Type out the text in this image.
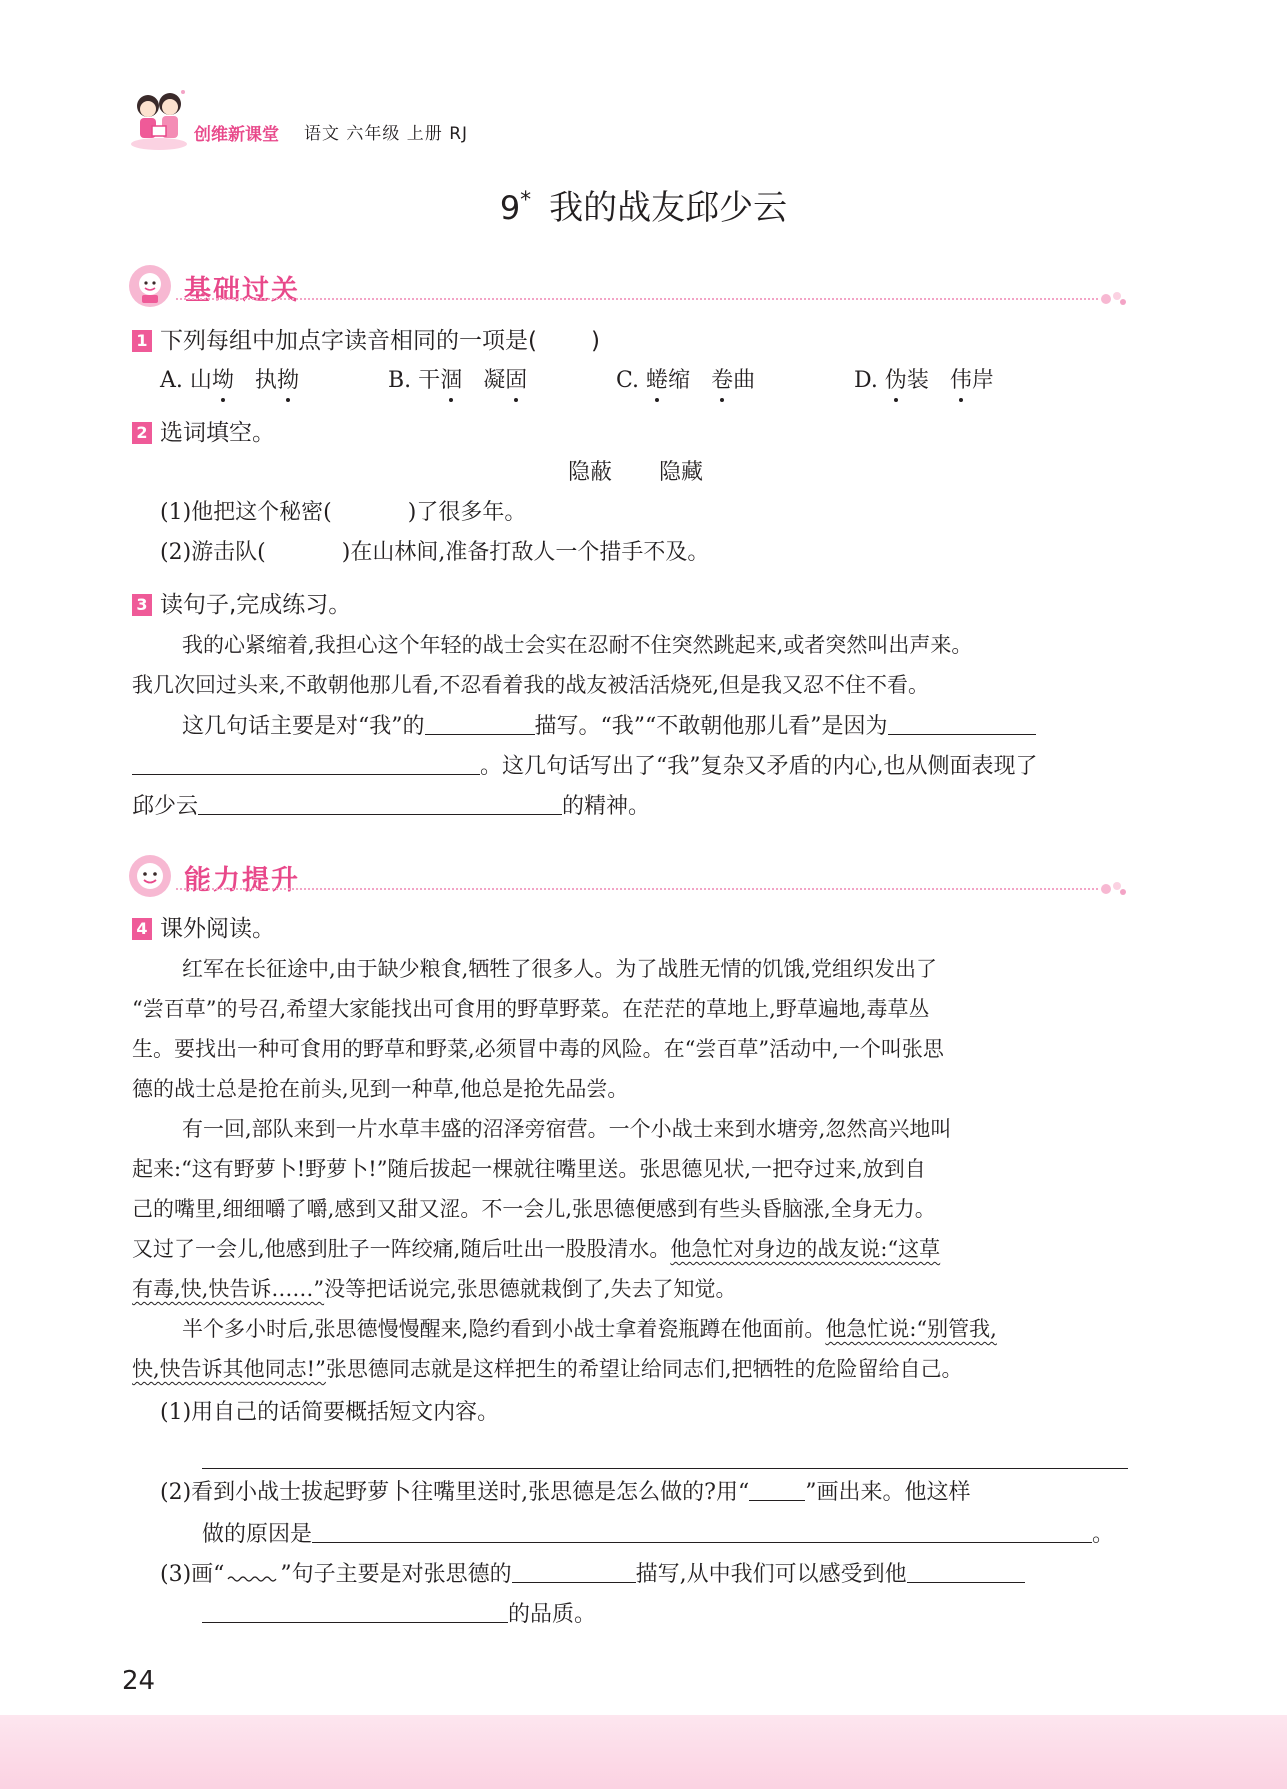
创维新课堂 语文 六年级 上册 RJ
9* 我的战友邱少云
基础过关
1 下列每组中加点字读音相同的一项是( )
A. 山坳 执拗	B. 干涸 凝固	C. 蜷缩 卷曲	D. 伪装 伟岸
2 选词填空。
隐蔽 隐藏
(1)他把这个秘密(	)了很多年。
(2)游击队(	)在山林间,准备打敌人一个措手不及。
3 读句子,完成练习。
我的心紧缩着,我担心这个年轻的战士会实在忍耐不住突然跳起来,或者突然叫出声来。
我几次回过头来,不敢朝他那儿看,不忍看着我的战友被活活烧死,但是我又忍不住不看。
这几句话主要是对“我”的	描写。“我”“不敢朝他那儿看”是因为
。这几句话写出了“我”复杂又矛盾的内心,也从侧面表现了
邱少云	的精神。
能力提升
4 课外阅读。
红军在长征途中,由于缺少粮食,牺牲了很多人。为了战胜无情的饥饿,党组织发出了
“尝百草”的号召,希望大家能找出可食用的野草野菜。在茫茫的草地上,野草遍地,毒草丛
生。要找出一种可食用的野草和野菜,必须冒中毒的风险。在“尝百草”活动中,一个叫张思
德的战士总是抢在前头,见到一种草,他总是抢先品尝。
有一回,部队来到一片水草丰盛的沼泽旁宿营。一个小战士来到水塘旁,忽然高兴地叫
起来:“这有野萝卜!野萝卜!”随后拔起一棵就往嘴里送。张思德见状,一把夺过来,放到自
己的嘴里,细细嚼了嚼,感到又甜又涩。不一会儿,张思德便感到有些头昏脑涨,全身无力。
又过了一会儿,他感到肚子一阵绞痛,随后吐出一股股清水。他急忙对身边的战友说:“这草
有毒,快,快告诉……”没等把话说完,张思德就栽倒了,失去了知觉。
半个多小时后,张思德慢慢醒来,隐约看到小战士拿着瓷瓶蹲在他面前。他急忙说:“别管我,
快,快告诉其他同志!”张思德同志就是这样把生的希望让给同志们,把牺牲的危险留给自己。
(1)用自己的话简要概括短文内容。
(2)看到小战士拔起野萝卜往嘴里送时,张思德是怎么做的?用“	”画出来。他这样
做的原因是	。
(3)画“	”句子主要是对张思德的	描写,从中我们可以感受到他
的品质。
24
